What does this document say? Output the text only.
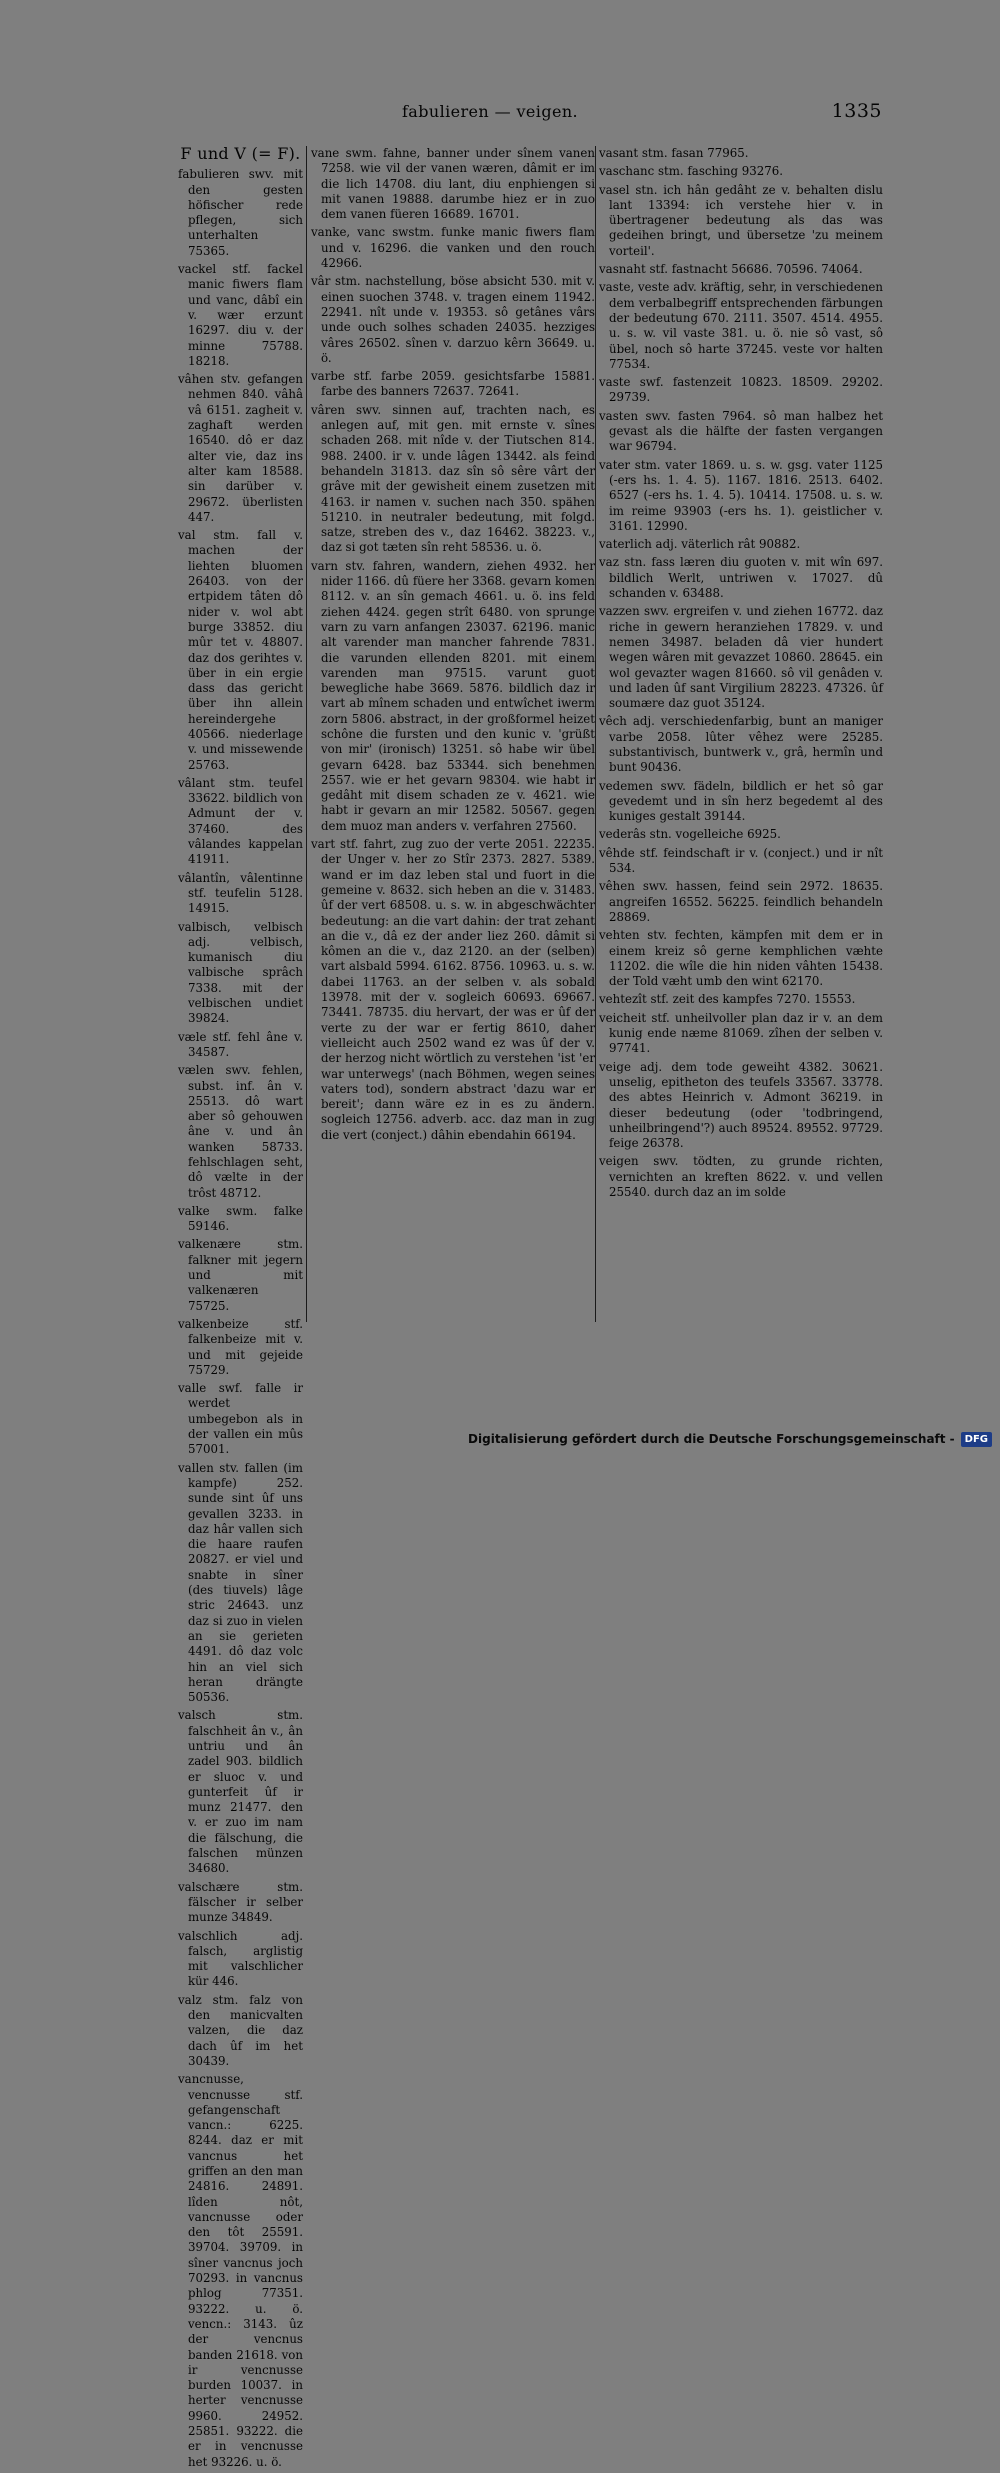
fabulieren — veigen.	1335
F und V (= F).

fabulieren swv. mit den gesten höfischer rede pflegen, sich unterhalten 75365.

vackel stf. fackel manic fiwers flam und vanc, dâbî ein v. wær erzunt 16297. diu v. der minne 75788. 18218.

vâhen stv. gefangen nehmen 840. vâhâ vâ 6151. zagheit v. zaghaft werden 16540. dô er daz alter vie, daz ins alter kam 18588. sin darüber v. 29672. überlisten 447.

val stm. fall v. machen der liehten bluomen 26403. von der ertpidem tâten dô nider v. wol abt burge 33852. diu mûr tet v. 48807. daz dos gerihtes v. über in ein ergie dass das gericht über ihn allein hereindergehe 40566. niederlage v. und missewende 25763.

vâlant stm. teufel 33622. bildlich von Admunt der v. 37460. des vâlandes kappelan 41911.

vâlantîn, vâlentinne stf. teufelin 5128. 14915.

valbisch, velbisch adj. velbisch, kumanisch diu valbische sprâch 7338. mit der velbischen undiet 39824.

væle stf. fehl âne v. 34587.

vælen swv. fehlen, subst. inf. ân v. 25513. dô wart aber sô gehouwen âne v. und ân wanken 58733. fehlschlagen seht, dô vælte in der trôst 48712.

valke swm. falke 59146.

valkenære stm. falkner mit jegern und mit valkenæren 75725.

valkenbeize stf. falkenbeize mit v. und mit gejeide 75729.

valle swf. falle ir werdet umbegebon als in der vallen ein mûs 57001.

vallen stv. fallen (im kampfe) 252. sunde sint ûf uns gevallen 3233. in daz hâr vallen sich die haare raufen 20827. er viel und snabte in sîner (des tiuvels) lâge stric 24643. unz daz si zuo in vielen an sie gerieten 4491. dô daz volc hin an viel sich heran drängte 50536.

valsch stm. falschheit ân v., ân untriu und ân zadel 903. bildlich er sluoc v. und gunterfeit ûf ir munz 21477. den v. er zuo im nam die fälschung, die falschen münzen 34680.

valschære stm. fälscher ir selber munze 34849.

valschlich adj. falsch, arglistig mit valschlicher kür 446.

valz stm. falz von den manicvalten valzen, die daz dach ûf im het 30439.

vancnusse, vencnusse stf. gefangenschaft vancn.: 6225. 8244. daz er mit vancnus het griffen an den man 24816. 24891. lîden nôt, vancnusse oder den tôt 25591. 39704. 39709. in sîner vancnus joch 70293. in vancnus phlog 77351. 93222. u. ö. vencn.: 3143. ûz der vencnus banden 21618. von ir vencnusse burden 10037. in herter vencnusse 9960. 24952. 25851. 93222. die er in vencnusse het 93226. u. ö.

vane swm. fahne, banner under sînem vanen 7258. wie vil der vanen wæren, dâmit er im die lich 14708. diu lant, diu enphiengen si mit vanen 19888. darumbe hiez er in zuo dem vanen füeren 16689. 16701.

vanke, vanc swstm. funke manic fiwers flam und v. 16296. die vanken und den rouch 42966.

vâr stm. nachstellung, böse absicht 530. mit v. einen suochen 3748. v. tragen einem 11942. 22941. nît unde v. 19353. sô getânes vârs unde ouch solhes schaden 24035. hezziges vâres 26502. sînen v. darzuo kêrn 36649. u. ö.

varbe stf. farbe 2059. gesichtsfarbe 15881. farbe des banners 72637. 72641.

vâren swv. sinnen auf, trachten nach, es anlegen auf, mit gen. mit ernste v. sînes schaden 268. mit nîde v. der Tiutschen 814. 988. 2400. ir v. unde lâgen 13442. als feind behandeln 31813. daz sîn sô sêre vârt der grâve mit der gewisheit einem zusetzen mit 4163. ir namen v. suchen nach 350. spähen 51210. in neutraler bedeutung, mit folgd. satze, streben des v., daz 16462. 38223. v., daz si got tæten sîn reht 58536. u. ö.

varn stv. fahren, wandern, ziehen 4932. her nider 1166. dû füere her 3368. gevarn komen 8112. v. an sîn gemach 4661. u. ö. ins feld ziehen 4424. gegen strît 6480. von sprunge varn zu varn anfangen 23037. 62196. manic alt varender man mancher fahrende 7831. die varunden ellenden 8201. mit einem varenden man 97515. varunt guot bewegliche habe 3669. 5876. bildlich daz ir vart ab mînem schaden und entwîchet iwerm zorn 5806. abstract, in der großformel heizet schône die fursten und den kunic v. 'grüßt von mir' (ironisch) 13251. sô habe wir übel gevarn 6428. baz 53344. sich benehmen 2557. wie er het gevarn 98304. wie habt ir gedâht mit disem schaden ze v. 4621. wie habt ir gevarn an mir 12582. 50567. gegen dem muoz man anders v. verfahren 27560.

vart stf. fahrt, zug zuo der verte 2051. 22235. der Unger v. her zo Stîr 2373. 2827. 5389. wand er im daz leben stal und fuort in die gemeine v. 8632. sich heben an die v. 31483. ûf der vert 68508. u. s. w. in abgeschwächter bedeutung: an die vart dahin: der trat zehant an die v., dâ ez der ander liez 260. dâmit si kômen an die v., daz 2120. an der (selben) vart alsbald 5994. 6162. 8756. 10963. u. s. w. dabei 11763. an der selben v. als sobald 13978. mit der v. sogleich 60693. 69667. 73441. 78735. diu hervart, der was er ûf der verte zu der war er fertig 8610, daher vielleicht auch 2502 wand ez was ûf der v. der herzog nicht wörtlich zu verstehen 'ist 'er war unterwegs' (nach Böhmen, wegen seines vaters tod), sondern abstract 'dazu war er bereit'; dann wäre ez in es zu ändern. sogleich 12756. adverb. acc. daz man in zug die vert (conject.) dâhin ebendahin 66194.

vasant stm. fasan 77965.

vaschanc stm. fasching 93276.

vasel stn. ich hân gedâht ze v. behalten dislu lant 13394: ich verstehe hier v. in übertragener bedeutung als das was gedeihen bringt, und übersetze 'zu meinem vorteil'.

vasnaht stf. fastnacht 56686. 70596. 74064.

vaste, veste adv. kräftig, sehr, in verschiedenen dem verbalbegriff entsprechenden färbungen der bedeutung 670. 2111. 3507. 4514. 4955. u. s. w. vil vaste 381. u. ö. nie sô vast, sô übel, noch sô harte 37245. veste vor halten 77534.

vaste swf. fastenzeit 10823. 18509. 29202. 29739.

vasten swv. fasten 7964. sô man halbez het gevast als die hälfte der fasten vergangen war 96794.

vater stm. vater 1869. u. s. w. gsg. vater 1125 (-ers hs. 1. 4. 5). 1167. 1816. 2513. 6402. 6527 (-ers hs. 1. 4. 5). 10414. 17508. u. s. w. im reime 93903 (-ers hs. 1). geistlicher v. 3161. 12990.

vaterlich adj. väterlich rât 90882.

vaz stn. fass læren diu guoten v. mit wîn 697. bildlich Werlt, untriwen v. 17027. dû schanden v. 63488.

vazzen swv. ergreifen v. und ziehen 16772. daz riche in gewern heranziehen 17829. v. und nemen 34987. beladen dâ vier hundert wegen wâren mit gevazzet 10860. 28645. ein wol gevazter wagen 81660. sô vil genâden v. und laden ûf sant Virgilium 28223. 47326. ûf soumære daz guot 35124.

vêch adj. verschiedenfarbig, bunt an maniger varbe 2058. lûter vêhez were 25285. substantivisch, buntwerk v., grâ, hermîn und bunt 90436.

vedemen swv. fädeln, bildlich er het sô gar gevedemt und in sîn herz begedemt al des kuniges gestalt 39144.

vederâs stn. vogelleiche 6925.

vêhde stf. feindschaft ir v. (conject.) und ir nît 534.

vêhen swv. hassen, feind sein 2972. 18635. angreifen 16552. 56225. feindlich behandeln 28869.

vehten stv. fechten, kämpfen mit dem er in einem kreiz sô gerne kemphlichen væhte 11202. die wîle die hin niden vâhten 15438. der Told væht umb den wint 62170.

vehtezît stf. zeit des kampfes 7270. 15553.

veicheit stf. unheilvoller plan daz ir v. an dem kunig ende næme 81069. zîhen der selben v. 97741.

veige adj. dem tode geweiht 4382. 30621. unselig, epitheton des teufels 33567. 33778. des abtes Heinrich v. Admont 36219. in dieser bedeutung (oder 'todbringend, unheilbringend'?) auch 89524. 89552. 97729. feige 26378.

veigen swv. tödten, zu grunde richten, vernichten an kreften 8622. v. und vellen 25540. durch daz an im solde

Digitalisierung gefördert durch die Deutsche Forschungsgemeinschaft -	DFG
